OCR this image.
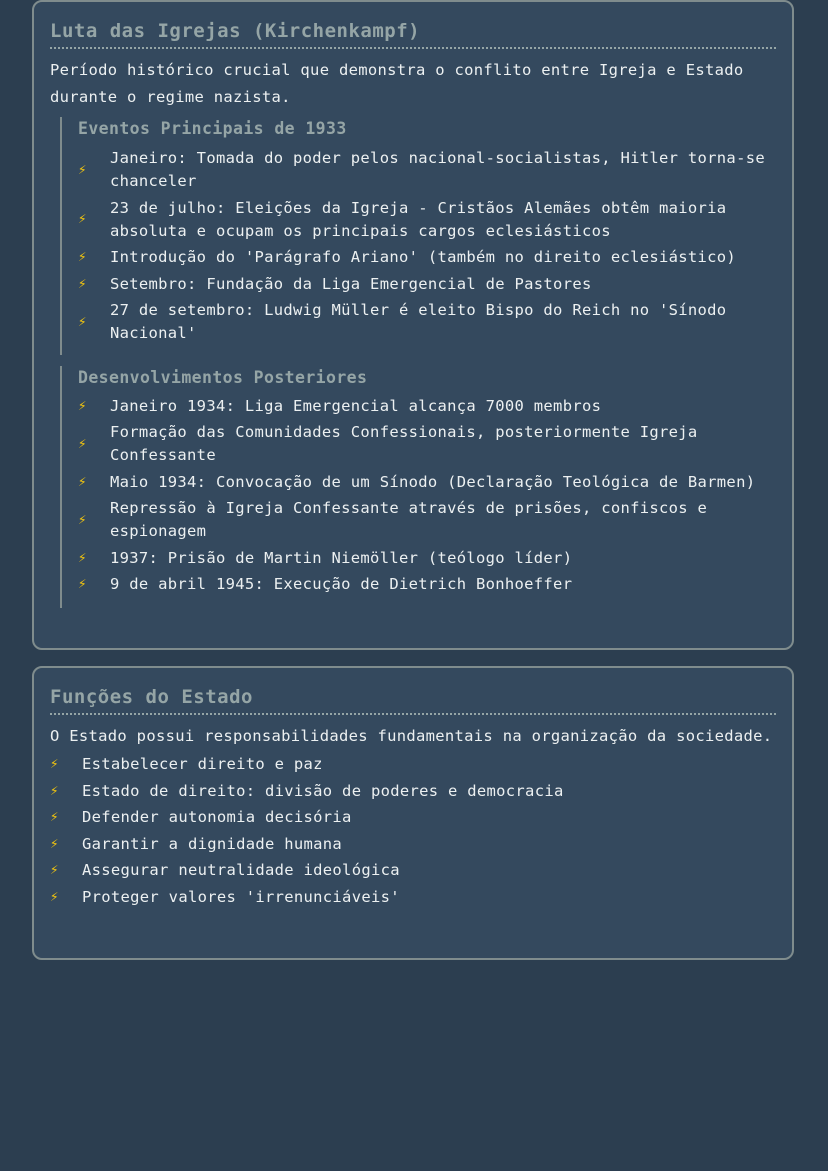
Luta das Igrejas (Kirchenkampf)
Período histórico crucial que demonstra o conflito entre Igreja e Estado durante o regime nazista.
Eventos Principais de 1933
⚡
Janeiro: Tomada do poder pelos nacional-socialistas, Hitler torna-se chanceler
⚡
23 de julho: Eleições da Igreja - Cristãos Alemães obtêm maioria absoluta e ocupam os principais cargos eclesiásticos
⚡	Introdução do 'Parágrafo Ariano' (também no direito eclesiástico)
⚡	Setembro: Fundação da Liga Emergencial de Pastores
⚡
27 de setembro: Ludwig Müller é eleito Bispo do Reich no 'Sínodo Nacional'
Desenvolvimentos Posteriores
⚡	Janeiro 1934: Liga Emergencial alcança 7000 membros
⚡
Formação das Comunidades Confessionais, posteriormente Igreja Confessante
⚡	Maio 1934: Convocação de um Sínodo (Declaração Teológica de Barmen)
⚡
Repressão à Igreja Confessante através de prisões, confiscos e espionagem
⚡	1937: Prisão de Martin Niemöller (teólogo líder)
⚡	9 de abril 1945: Execução de Dietrich Bonhoeffer
Funções do Estado
O Estado possui responsabilidades fundamentais na organização da sociedade.
⚡	Estabelecer direito e paz
⚡	Estado de direito: divisão de poderes e democracia
⚡	Defender autonomia decisória
⚡	Garantir a dignidade humana
⚡	Assegurar neutralidade ideológica
⚡	Proteger valores 'irrenunciáveis'
